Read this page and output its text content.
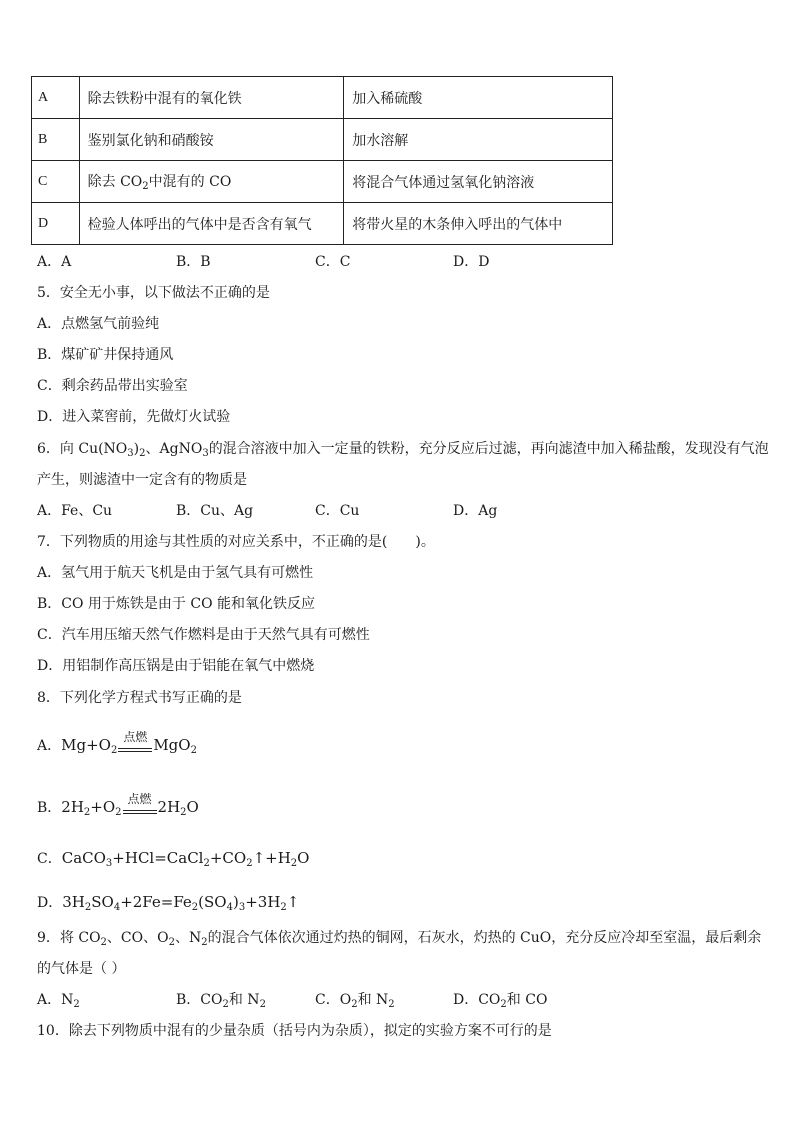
A	除去铁粉中混有的氧化铁	加入稀硫酸
B	鉴别氯化钠和硝酸铵	加水溶解
C	除去 $CO_2$中混有的 CO	将混合气体通过氢氧化钠溶液
D	检验人体呼出的气体中是否含有氧气	将带火星的木条伸入呼出的气体中
A．A	B．B	C．C	D．D
5．安全无小事，以下做法不正确的是
A．点燃氢气前验纯
B．煤矿矿井保持通风
C．剩余药品带出实验室
D．进入菜窖前，先做灯火试验
6．向 $Cu(NO_3)_2$、AgNO$_3$的混合溶液中加入一定量的铁粉，充分反应后过滤，再向滤渣中加入稀盐酸，发现没有气泡
产生，则滤渣中一定含有的物质是
A．Fe、Cu	B．Cu、Ag	C．Cu	D．Ag
7．下列物质的用途与其性质的对应关系中，不正确的是(　　)。
A．氢气用于航天飞机是由于氢气具有可燃性
B．CO 用于炼铁是由于 CO 能和氧化铁反应
C．汽车用压缩天然气作燃料是由于天然气具有可燃性
D．用铝制作高压锅是由于铝能在氧气中燃烧
8．下列化学方程式书写正确的是
A．$Mg+O_2$
点燃 MgO$_2$
B．$2H_2+O_2$
点燃 $2H_2O$
C．$CaCO_3+HCl=CaCl_2+CO_2↑+H_2O$
D．$3H_2SO_4+2Fe=Fe_2(SO_4)_3+3H_2↑$
9．将 $CO_2$、CO、$O_2$、$N_2$的混合气体依次通过灼热的铜网，石灰水，灼热的 CuO，充分反应冷却至室温，最后剩余
的气体是（ ）
A．$N_2$	B．$CO_2$和 $N_2$	C．$O_2$和 $N_2$	D．$CO_2$和 CO
10．除去下列物质中混有的少量杂质（括号内为杂质），拟定的实验方案不可行的是
